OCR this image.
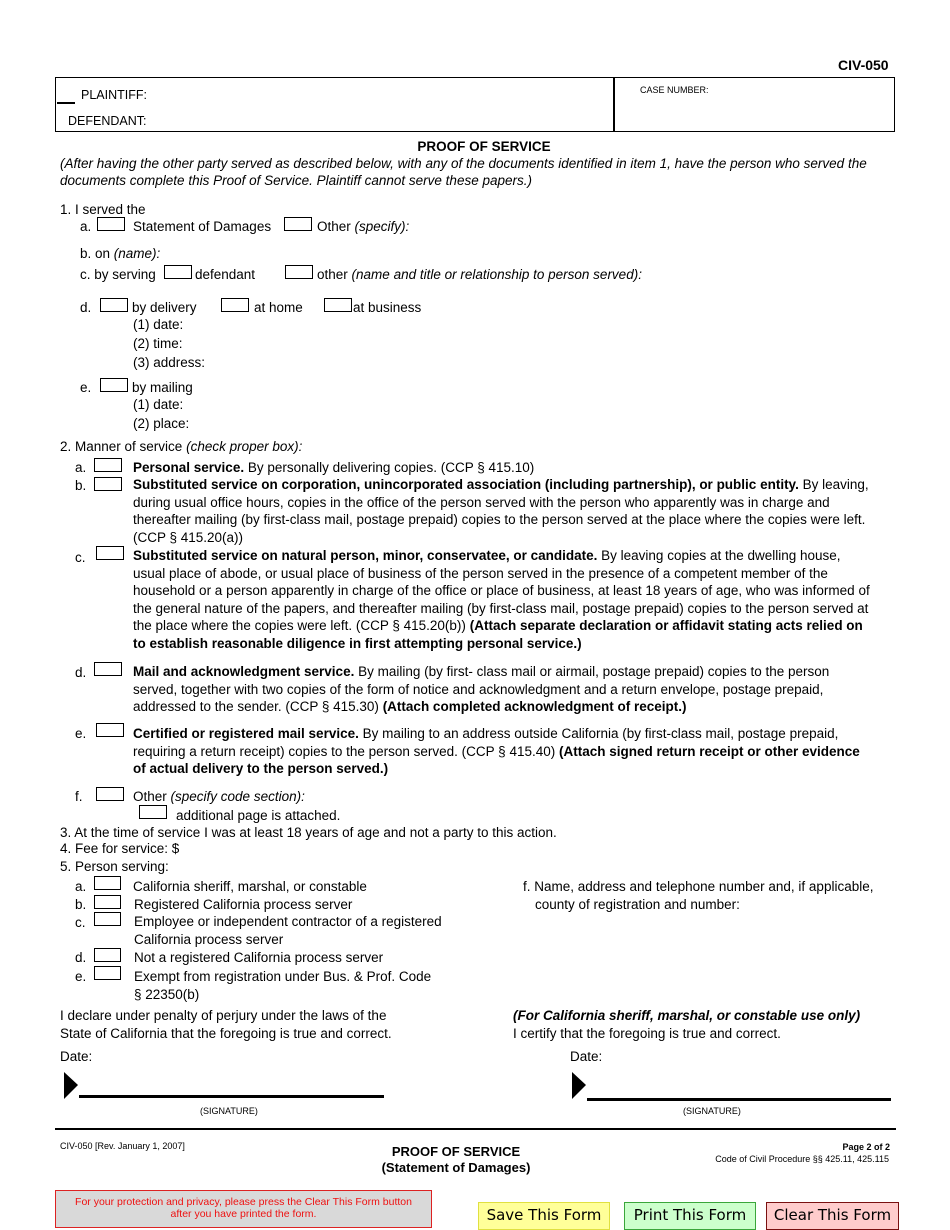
CIV-050
PLAINTIFF:
DEFENDANT:
CASE NUMBER:
PROOF OF SERVICE
(After having the other party served as described below, with any of the documents identified in item 1, have the person who served the documents complete this Proof of Service. Plaintiff cannot serve these papers.)
1. I served the
a.	Statement of Damages	Other (specify):
b. on (name):
c. by serving	defendant	other (name and title or relationship to person served):
d.	by delivery	at home	at business
(1) date:
(2) time:
(3) address:
e.	by mailing
(1) date:
(2) place:
2. Manner of service (check proper box):
a.	Personal service. By personally delivering copies. (CCP § 415.10)
b.	Substituted service on corporation, unincorporated association (including partnership), or public entity. By leaving, during usual office hours, copies in the office of the person served with the person who apparently was in charge and thereafter mailing (by first-class mail, postage prepaid) copies to the person served at the place where the copies were left. (CCP § 415.20(a))
c.	Substituted service on natural person, minor, conservatee, or candidate. By leaving copies at the dwelling house, usual place of abode, or usual place of business of the person served in the presence of a competent member of the household or a person apparently in charge of the office or place of business, at least 18 years of age, who was informed of the general nature of the papers, and thereafter mailing (by first-class mail, postage prepaid) copies to the person served at the place where the copies were left. (CCP § 415.20(b)) (Attach separate declaration or affidavit stating acts relied on to establish reasonable diligence in first attempting personal service.)
d.	Mail and acknowledgment service. By mailing (by first- class mail or airmail, postage prepaid) copies to the person served, together with two copies of the form of notice and acknowledgment and a return envelope, postage prepaid, addressed to the sender. (CCP § 415.30) (Attach completed acknowledgment of receipt.)
e.	Certified or registered mail service. By mailing to an address outside California (by first-class mail, postage prepaid, requiring a return receipt) copies to the person served. (CCP § 415.40) (Attach signed return receipt or other evidence of actual delivery to the person served.)
f.	Other (specify code section):
additional page is attached.
3. At the time of service I was at least 18 years of age and not a party to this action.
4. Fee for service: $
5. Person serving:
a.	California sheriff, marshal, or constable
b.	Registered California process server
c.	Employee or independent contractor of a registered
California process server
d.	Not a registered California process server
e.	Exempt from registration under Bus. & Prof. Code
§ 22350(b)
f. Name, address and telephone number and, if applicable,
county of registration and number:
I declare under penalty of perjury under the laws of the
State of California that the foregoing is true and correct.
(For California sheriff, marshal, or constable use only)
I certify that the foregoing is true and correct.
Date:	Date:
(SIGNATURE)	(SIGNATURE)
CIV-050 [Rev. January 1, 2007]	PROOF OF SERVICE
(Statement of Damages)
Page 2 of 2
Code of Civil Procedure §§ 425.11, 425.115
For your protection and privacy, please press the Clear This Form button after you have printed the form.	Save This Form	Print This Form	Clear This Form
